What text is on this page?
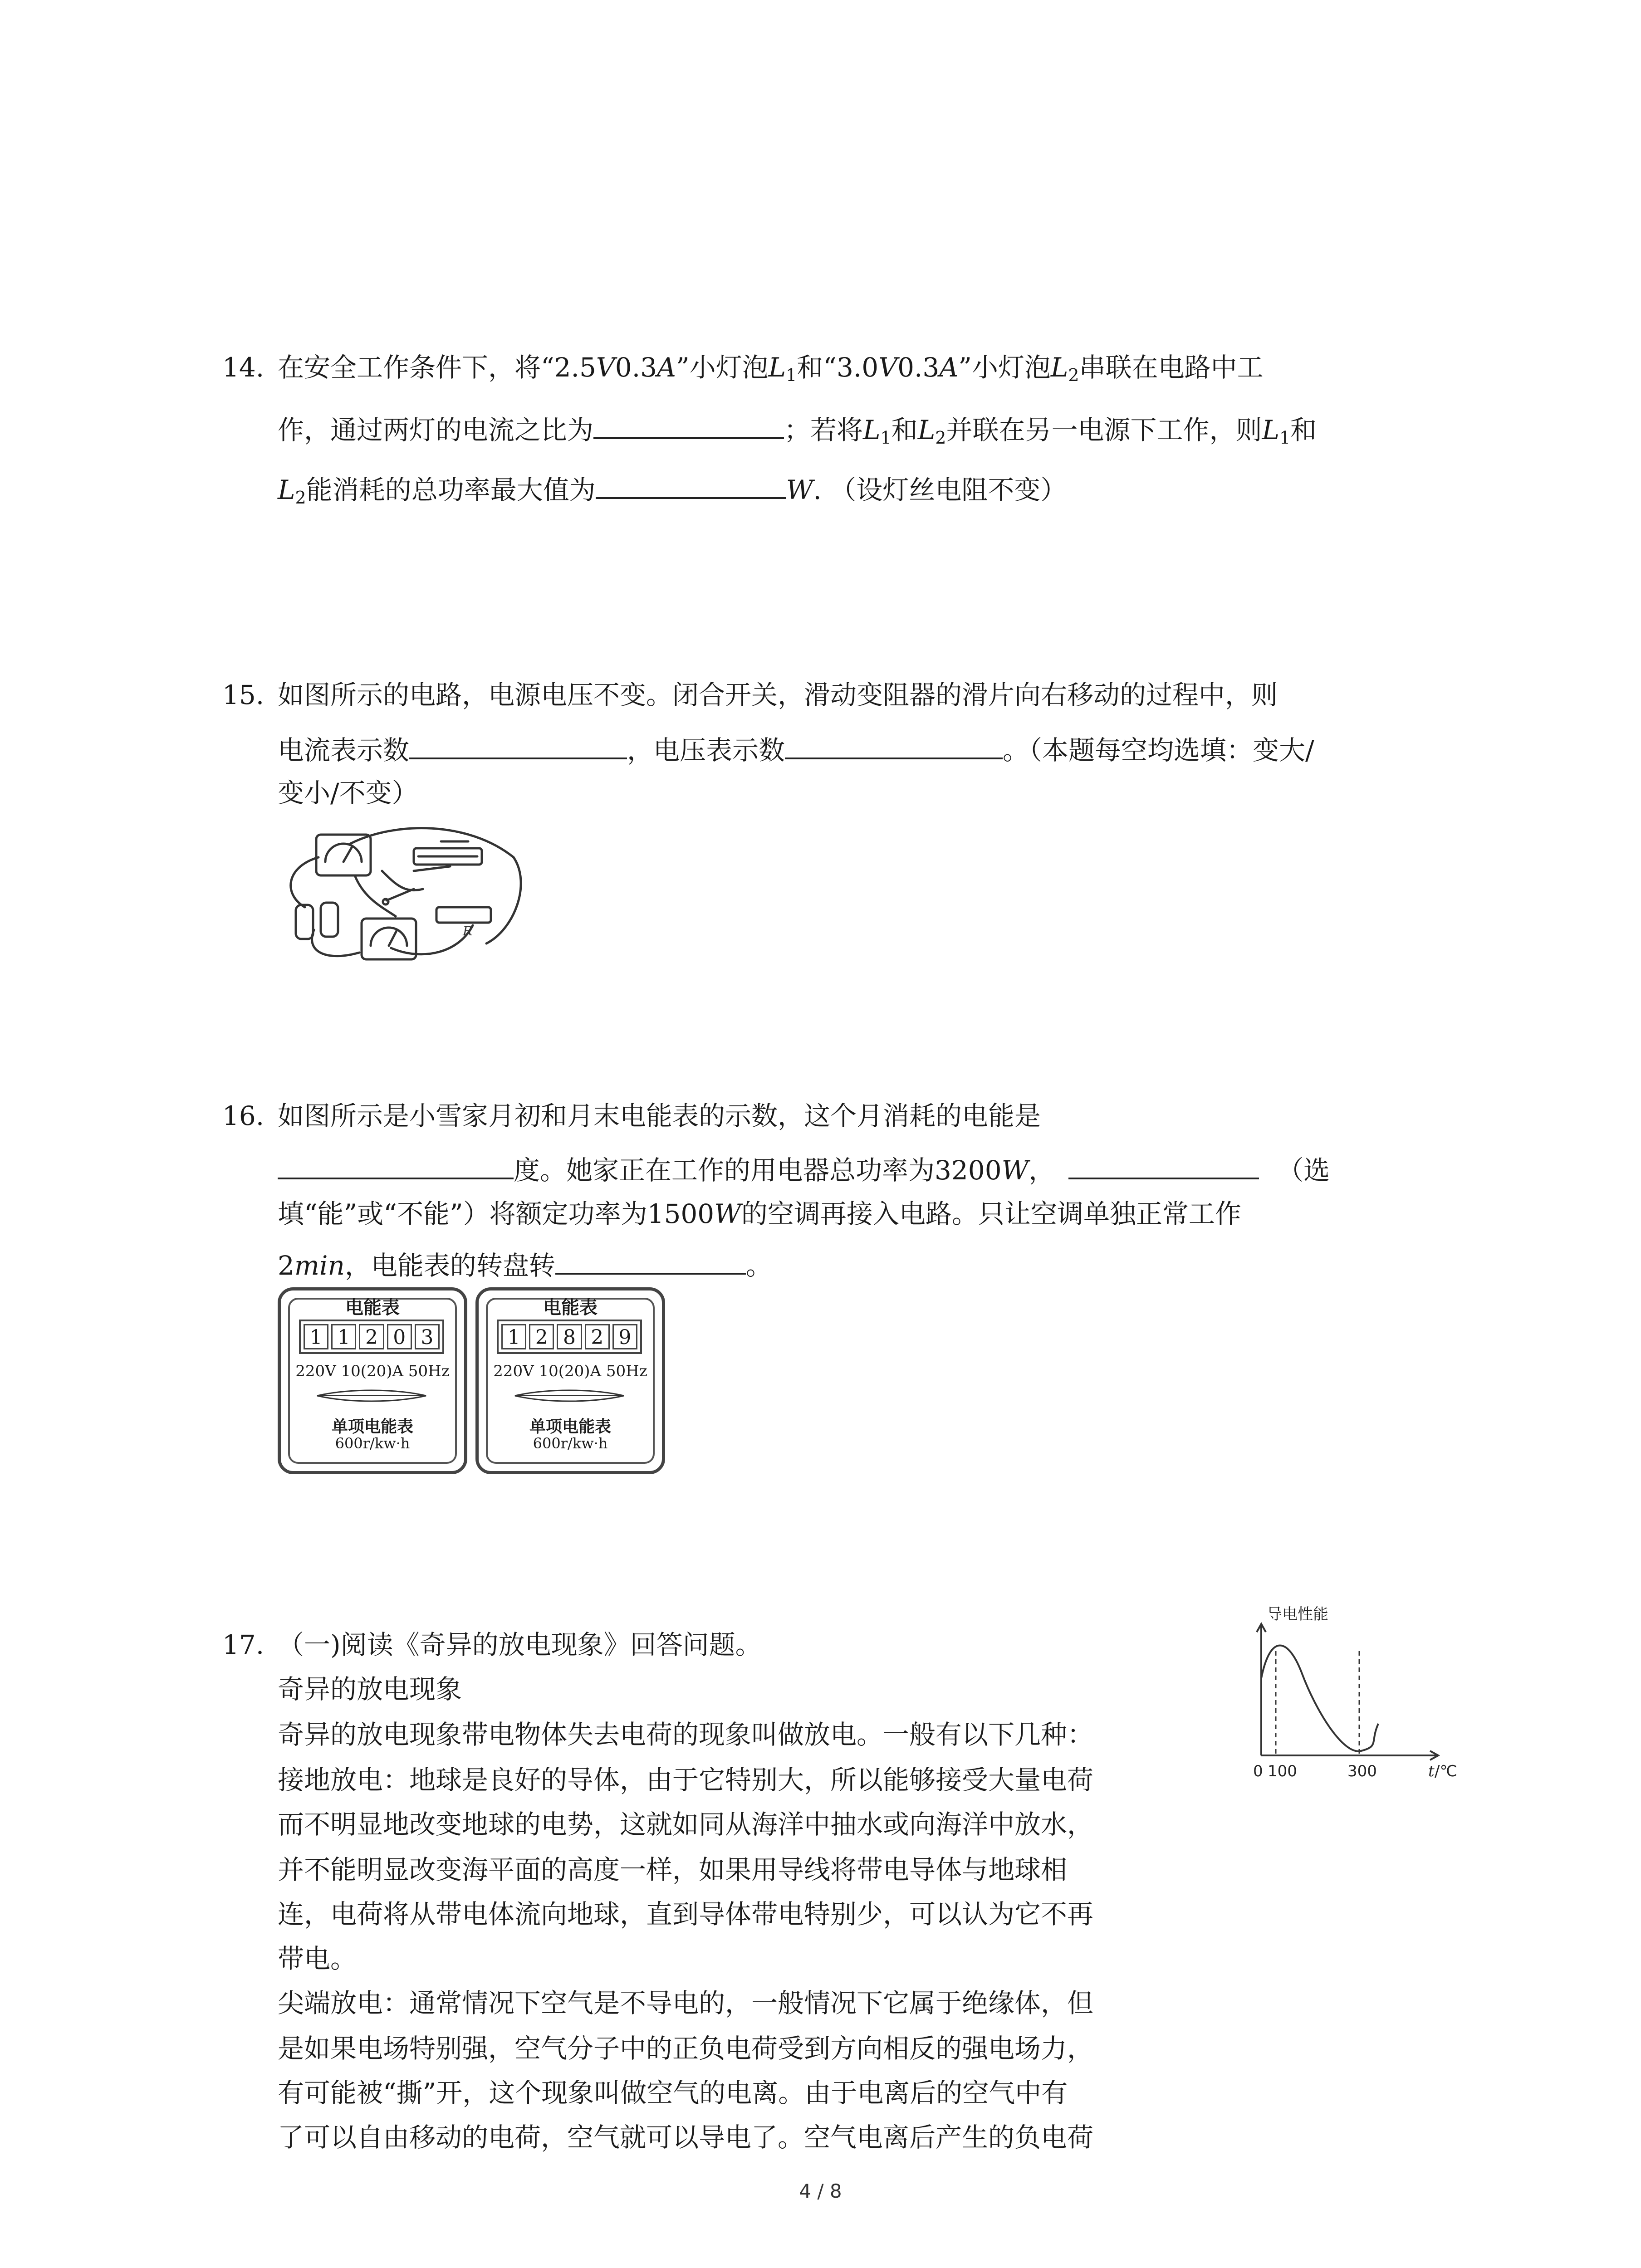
14. 在安全工作条件下，将“2.5V0.3A”小灯泡$L_1$和“3.0V0.3A”小灯泡$L_2$串联在电路中工
作，通过两灯的电流之比为	；若将$L_1$和$L_2$并联在另一电源下工作，则$L_1$和
$L_2$能消耗的总功率最大值为	W. （设灯丝电阻不变）
15. 如图所示的电路，电源电压不变。闭合开关，滑动变阻器的滑片向右移动的过程中，则
电流表示数	，电压表示数	。（本题每空均选填：变大/
变小/不变）
R
16. 如图所示是小雪家月初和月末电能表的示数，这个月消耗的电能是
度。她家正在工作的用电器总功率为3200W，	（选
填“能”或“不能”）将额定功率为1500W的空调再接入电路。只让空调单独正常工作
2min，电能表的转盘转	。
电能表
1 1 2 0 3
220V 10(20)A 50Hz
单项电能表
600r/kw·h
电能表
1 2 8 2 9
220V 10(20)A 50Hz
单项电能表
600r/kw·h
17. （一)阅读《奇异的放电现象》回答问题。
奇异的放电现象
奇异的放电现象带电物体失去电荷的现象叫做放电。一般有以下几种：
接地放电：地球是良好的导体，由于它特别大，所以能够接受大量电荷
而不明显地改变地球的电势，这就如同从海洋中抽水或向海洋中放水，
并不能明显改变海平面的高度一样，如果用导线将带电导体与地球相
连，电荷将从带电体流向地球，直到导体带电特别少，可以认为它不再
带电。
尖端放电：通常情况下空气是不导电的，一般情况下它属于绝缘体，但
是如果电场特别强，空气分子中的正负电荷受到方向相反的强电场力，
有可能被“撕”开，这个现象叫做空气的电离。由于电离后的空气中有
了可以自由移动的电荷，空气就可以导电了。空气电离后产生的负电荷
导电性能
0 100	300	t /℃
4 / 8
